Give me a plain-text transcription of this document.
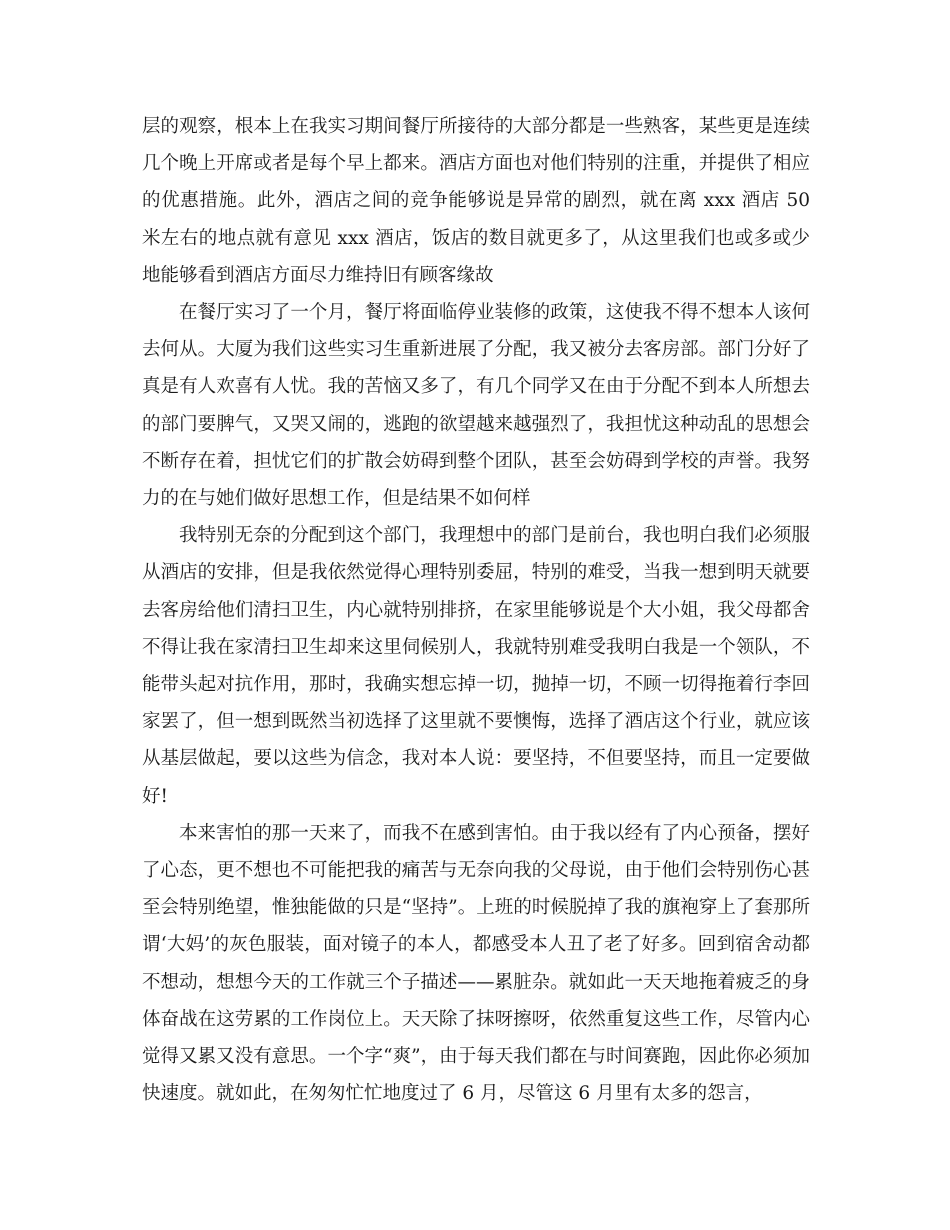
层的观察，根本上在我实习期间餐厅所接待的大部分都是一些熟客，某些更是连续几个晚上开席或者是每个早上都来。酒店方面也对他们特别的注重，并提供了相应的优惠措施。此外，酒店之间的竞争能够说是异常的剧烈，就在离 xxx 酒店 50 米左右的地点就有意见 xxx 酒店，饭店的数目就更多了，从这里我们也或多或少地能够看到酒店方面尽力维持旧有顾客缘故

在餐厅实习了一个月，餐厅将面临停业装修的政策，这使我不得不想本人该何去何从。大厦为我们这些实习生重新进展了分配，我又被分去客房部。部门分好了真是有人欢喜有人忧。我的苦恼又多了，有几个同学又在由于分配不到本人所想去的部门要脾气，又哭又闹的，逃跑的欲望越来越强烈了，我担忧这种动乱的思想会不断存在着，担忧它们的扩散会妨碍到整个团队，甚至会妨碍到学校的声誉。我努力的在与她们做好思想工作，但是结果不如何样

我特别无奈的分配到这个部门，我理想中的部门是前台，我也明白我们必须服从酒店的安排，但是我依然觉得心理特别委屈，特别的难受，当我一想到明天就要去客房给他们清扫卫生，内心就特别排挤，在家里能够说是个大小姐，我父母都舍不得让我在家清扫卫生却来这里伺候别人，我就特别难受我明白我是一个领队，不能带头起对抗作用，那时，我确实想忘掉一切，抛掉一切，不顾一切得拖着行李回家罢了，但一想到既然当初选择了这里就不要懊悔，选择了酒店这个行业，就应该从基层做起，要以这些为信念，我对本人说：要坚持，不但要坚持，而且一定要做好!

本来害怕的那一天来了，而我不在感到害怕。由于我以经有了内心预备，摆好了心态，更不想也不可能把我的痛苦与无奈向我的父母说，由于他们会特别伤心甚至会特别绝望，惟独能做的只是“坚持”。上班的时候脱掉了我的旗袍穿上了套那所谓‘大妈’的灰色服装，面对镜子的本人，都感受本人丑了老了好多。回到宿舍动都不想动，想想今天的工作就三个子描述——累脏杂。就如此一天天地拖着疲乏的身体奋战在这劳累的工作岗位上。天天除了抹呀擦呀，依然重复这些工作，尽管内心觉得又累又没有意思。一个字“爽”，由于每天我们都在与时间赛跑，因此你必须加快速度。就如此，在匆匆忙忙地度过了 6 月，尽管这 6 月里有太多的怨言，
